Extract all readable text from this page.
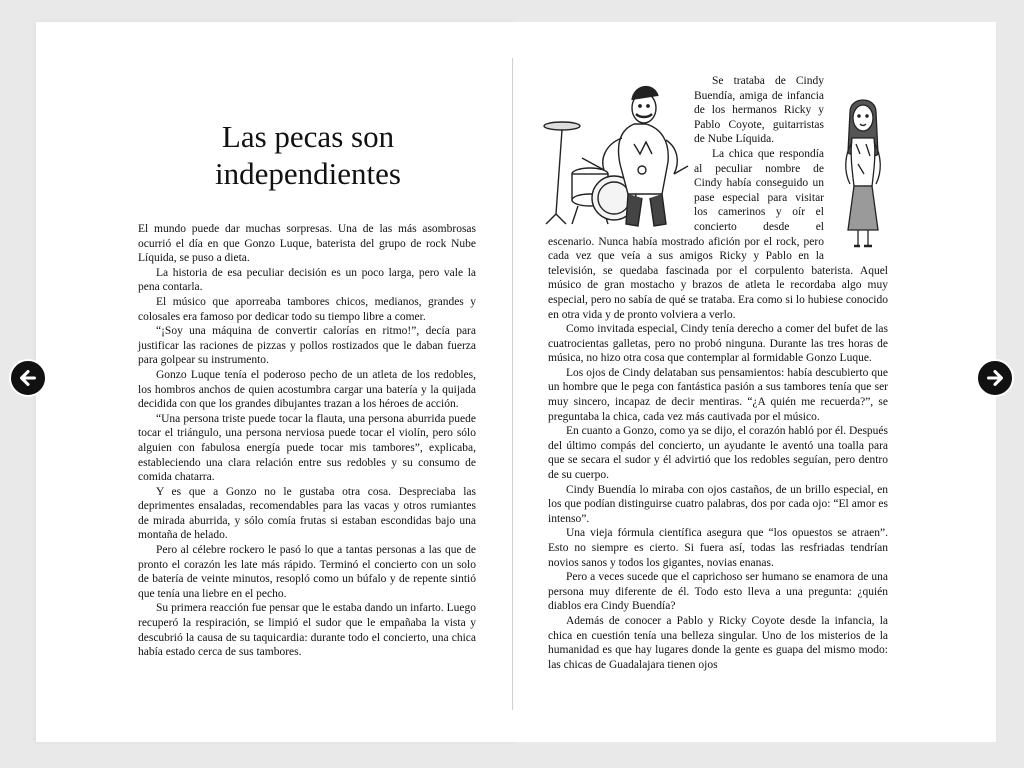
Las pecas son
independientes

El mundo puede dar muchas sorpresas. Una de las más asombrosas ocurrió el día en que Gonzo Luque, baterista del grupo de rock Nube Líquida, se puso a dieta.

La historia de esa peculiar decisión es un poco larga, pero vale la pena contarla.

El músico que aporreaba tambores chicos, medianos, grandes y colosales era famoso por dedicar todo su tiempo libre a comer.

“¡Soy una máquina de convertir calorías en ritmo!”, decía para justificar las raciones de pizzas y pollos rostizados que le daban fuerza para golpear su instrumento.

Gonzo Luque tenía el poderoso pecho de un atleta de los redobles, los hombros anchos de quien acostumbra cargar una batería y la quijada decidida con que los grandes dibujantes trazan a los héroes de acción.

“Una persona triste puede tocar la flauta, una persona aburrida puede tocar el triángulo, una persona nerviosa puede tocar el violín, pero sólo alguien con fabulosa energía puede tocar mis tambores”, explicaba, estableciendo una clara relación entre sus redobles y su consumo de comida chatarra.

Y es que a Gonzo no le gustaba otra cosa. Despreciaba las deprimentes ensaladas, recomendables para las vacas y otros rumiantes de mirada aburrida, y sólo comía frutas si estaban escondidas bajo una montaña de helado.

Pero al célebre rockero le pasó lo que a tantas personas a las que de pronto el corazón les late más rápido. Terminó el concierto con un solo de batería de veinte minutos, resopló como un búfalo y de repente sintió que tenía una liebre en el pecho.

Su primera reacción fue pensar que le estaba dando un infarto. Luego recuperó la respiración, se limpió el sudor que le empañaba la vista y descubrió la causa de su taquicardia: durante todo el concierto, una chica había estado cerca de sus tambores.

Se trataba de Cindy Buendía, amiga de infancia de los hermanos Ricky y Pablo Coyote, guitarristas de Nube Líquida.

La chica que respondía al peculiar nombre de Cindy había conseguido un pase especial para visitar los camerinos y oír el concierto desde el escenario. Nunca había mostrado afición por el rock, pero cada vez que veía a sus amigos Ricky y Pablo en la televisión, se quedaba fascinada por el corpulento baterista. Aquel músico de gran mostacho y brazos de atleta le recordaba algo muy especial, pero no sabía de qué se trataba. Era como si lo hubiese conocido en otra vida y de pronto volviera a verlo.

Como invitada especial, Cindy tenía derecho a comer del bufet de las cuatrocientas galletas, pero no probó ninguna. Durante las tres horas de música, no hizo otra cosa que contemplar al formidable Gonzo Luque.

Los ojos de Cindy delataban sus pensamientos: había descubierto que un hombre que le pega con fantástica pasión a sus tambores tenía que ser muy sincero, incapaz de decir mentiras. “¿A quién me recuerda?”, se preguntaba la chica, cada vez más cautivada por el músico.

En cuanto a Gonzo, como ya se dijo, el corazón habló por él. Después del último compás del concierto, un ayudante le aventó una toalla para que se secara el sudor y él advirtió que los redobles seguían, pero dentro de su cuerpo.

Cindy Buendía lo miraba con ojos castaños, de un brillo especial, en los que podían distinguirse cuatro palabras, dos por cada ojo: “El amor es intenso”.

Una vieja fórmula científica asegura que “los opuestos se atraen”. Esto no siempre es cierto. Si fuera así, todas las resfriadas tendrían novios sanos y todos los gigantes, novias enanas.

Pero a veces sucede que el caprichoso ser humano se enamora de una persona muy diferente de él. Todo esto lleva a una pregunta: ¿quién diablos era Cindy Buendía?

Además de conocer a Pablo y Ricky Coyote desde la infancia, la chica en cuestión tenía una belleza singular. Uno de los misterios de la humanidad es que hay lugares donde la gente es guapa del mismo modo: las chicas de Guadalajara tienen ojos
